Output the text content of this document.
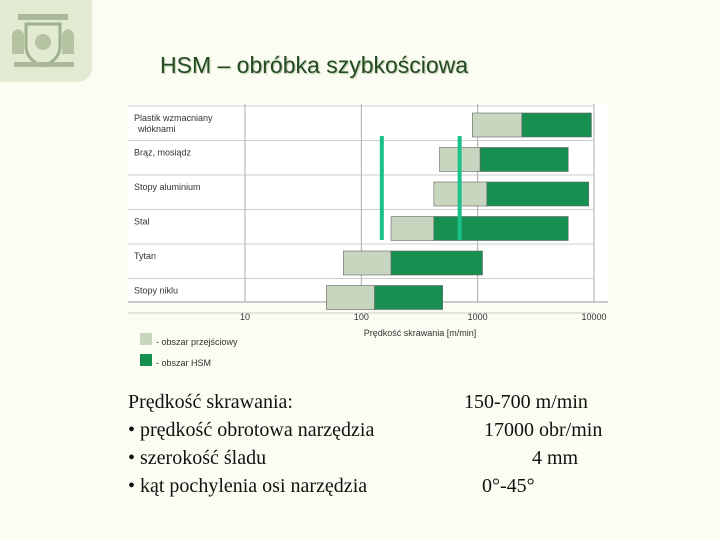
HSM – obróbka szybkościowa
Plastik wzmacniany włóknami
Brąz, mosiądz
Stopy aluminium
Stal
Tytan
Stopy niklu
10	100	1000	10000
Prędkość skrawania [m/min]
- obszar przejściowy
- obszar HSM
Prędkość skrawania:	150-700 m/min
• prędkość obrotowa narzędzia	17000 obr/min
• szerokość śladu	4 mm
• kąt pochylenia osi narzędzia	0°-45°
